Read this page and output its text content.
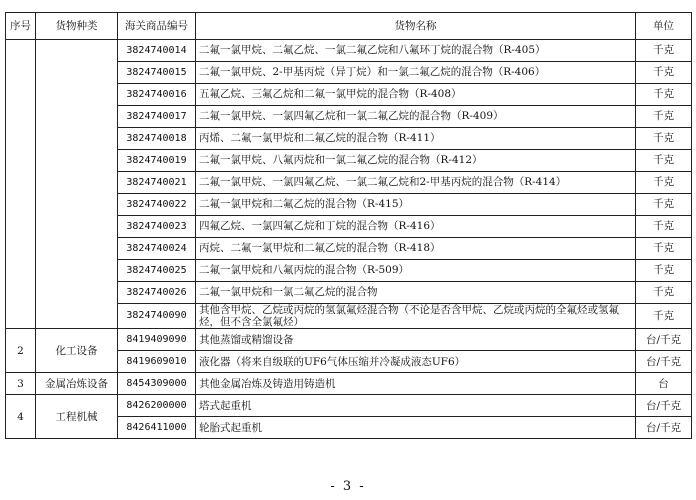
序号	货物种类	海关商品编号	货物名称	单位
		3824740014	二氟一氯甲烷、二氟乙烷、一氯二氟乙烷和八氟环丁烷的混合物（R-405）	千克
		3824740015	二氟一氯甲烷、2-甲基丙烷（异丁烷）和一氯二氟乙烷的混合物（R-406）	千克
		3824740016	五氟乙烷、三氟乙烷和二氟一氯甲烷的混合物（R-408）	千克
		3824740017	二氟一氯甲烷、一氯四氟乙烷和一氯二氟乙烷的混合物（R-409）	千克
		3824740018	丙烯、二氟一氯甲烷和二氟乙烷的混合物（R-411）	千克
		3824740019	二氟一氯甲烷、八氟丙烷和一氯二氟乙烷的混合物（R-412）	千克
		3824740021	二氟一氯甲烷、一氯四氟乙烷、一氯二氟乙烷和2-甲基丙烷的混合物（R-414）	千克
		3824740022	二氟一氯甲烷和二氟乙烷的混合物（R-415）	千克
		3824740023	四氟乙烷、一氯四氟乙烷和丁烷的混合物（R-416）	千克
		3824740024	丙烷、二氟一氯甲烷和二氟乙烷的混合物（R-418）	千克
		3824740025	二氟一氯甲烷和八氟丙烷的混合物（R-509）	千克
		3824740026	二氟一氯甲烷和一氯二氟乙烷的混合物	千克
		3824740090	其他含甲烷、乙烷或丙烷的氢氯氟烃混合物（不论是否含甲烷、乙烷或丙烷的全氟烃或氢氟烃，但不含全氯氟烃）	千克
2	化工设备	8419409090	其他蒸馏或精馏设备	台/千克
		8419609010	液化器（将来自级联的UF6气体压缩并冷凝成液态UF6）	台/千克
3	金属冶炼设备	8454309000	其他金属冶炼及铸造用铸造机	台
4	工程机械	8426200000	塔式起重机	台/千克
		8426411000	轮胎式起重机	台/千克
- 3 -
